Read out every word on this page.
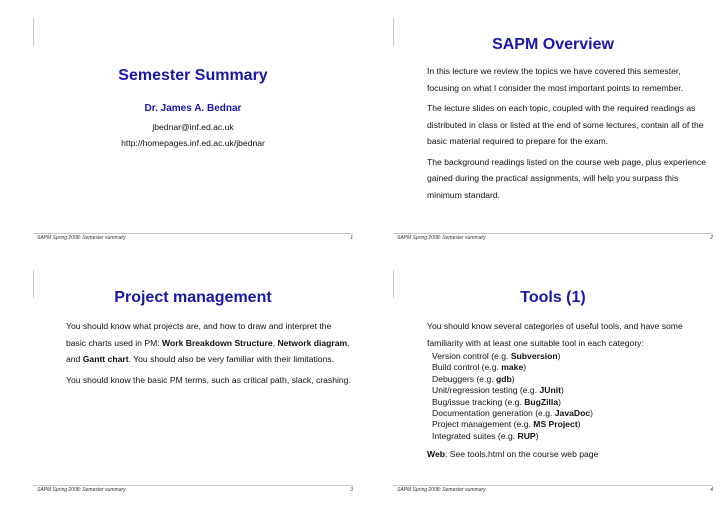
Semester Summary
Dr. James A. Bednar
jbednar@inf.ed.ac.uk
http://homepages.inf.ed.ac.uk/jbednar
SAPM Spring 2008: Semester summary	1
SAPM Overview

In this lecture we review the topics we have covered this semester, focusing on what I consider the most important points to remember.

The lecture slides on each topic, coupled with the required readings as distributed in class or listed at the end of some lectures, contain all of the basic material required to prepare for the exam.

The background readings listed on the course web page, plus experience gained during the practical assignments, will help you surpass this minimum standard.

SAPM Spring 2008: Semester summary	2
Project management

You should know what projects are, and how to draw and interpret the basic charts used in PM: Work Breakdown Structure, Network diagram, and Gantt chart. You should also be very familiar with their limitations.

You should know the basic PM terms, such as critical path, slack, crashing.

SAPM Spring 2008: Semester summary	3
Tools (1)

You should know several categories of useful tools, and have some familiarity with at least one suitable tool in each category:

Version control (e.g. Subversion)
Build control (e.g. make)
Debuggers (e.g. gdb)
Unit/regression testing (e.g. JUnit)
Bug/issue tracking (e.g. BugZilla)
Documentation generation (e.g. JavaDoc)
Project management (e.g. MS Project)
Integrated suites (e.g. RUP)

Web: See tools.html on the course web page

SAPM Spring 2008: Semester summary	4
